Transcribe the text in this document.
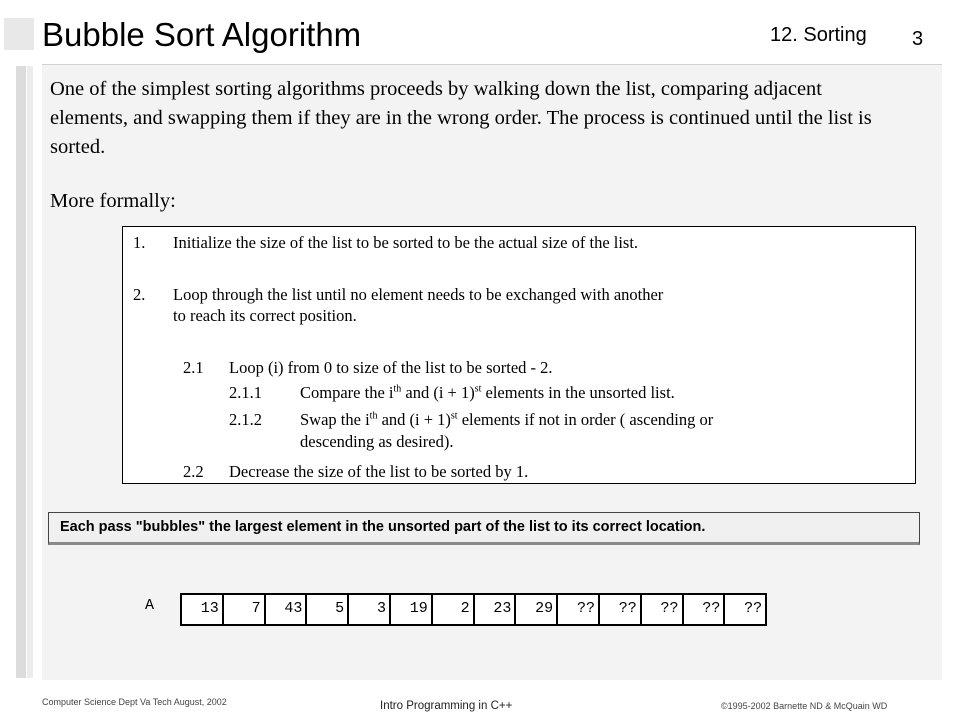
Bubble Sort Algorithm	12. Sorting 3
One of the simplest sorting algorithms proceeds by walking down the list, comparing adjacent elements, and swapping them if they are in the wrong order. The process is continued until the list is sorted.
More formally:
1. Initialize the size of the list to be sorted to be the actual size of the list.
2. Loop through the list until no element needs to be exchanged with another
to reach its correct position.
2.1 Loop (i) from 0 to size of the list to be sorted - 2.
2.1.1 Compare the $i^{th}$ and $(i + 1)^{st}$ elements in the unsorted list.
2.1.2 Swap the $i^{th}$ and $(i + 1)^{st}$ elements if not in order ( ascending or
descending as desired).
2.2 Decrease the size of the list to be sorted by 1.
Each pass "bubbles" the largest element in the unsorted part of the list to its correct location.
A	13	7	43	5	3	19	2	23	29	??	??	??	??	??
Computer Science Dept Va Tech August, 2002	Intro Programming in C++	©1995-2002 Barnette ND & McQuain WD
